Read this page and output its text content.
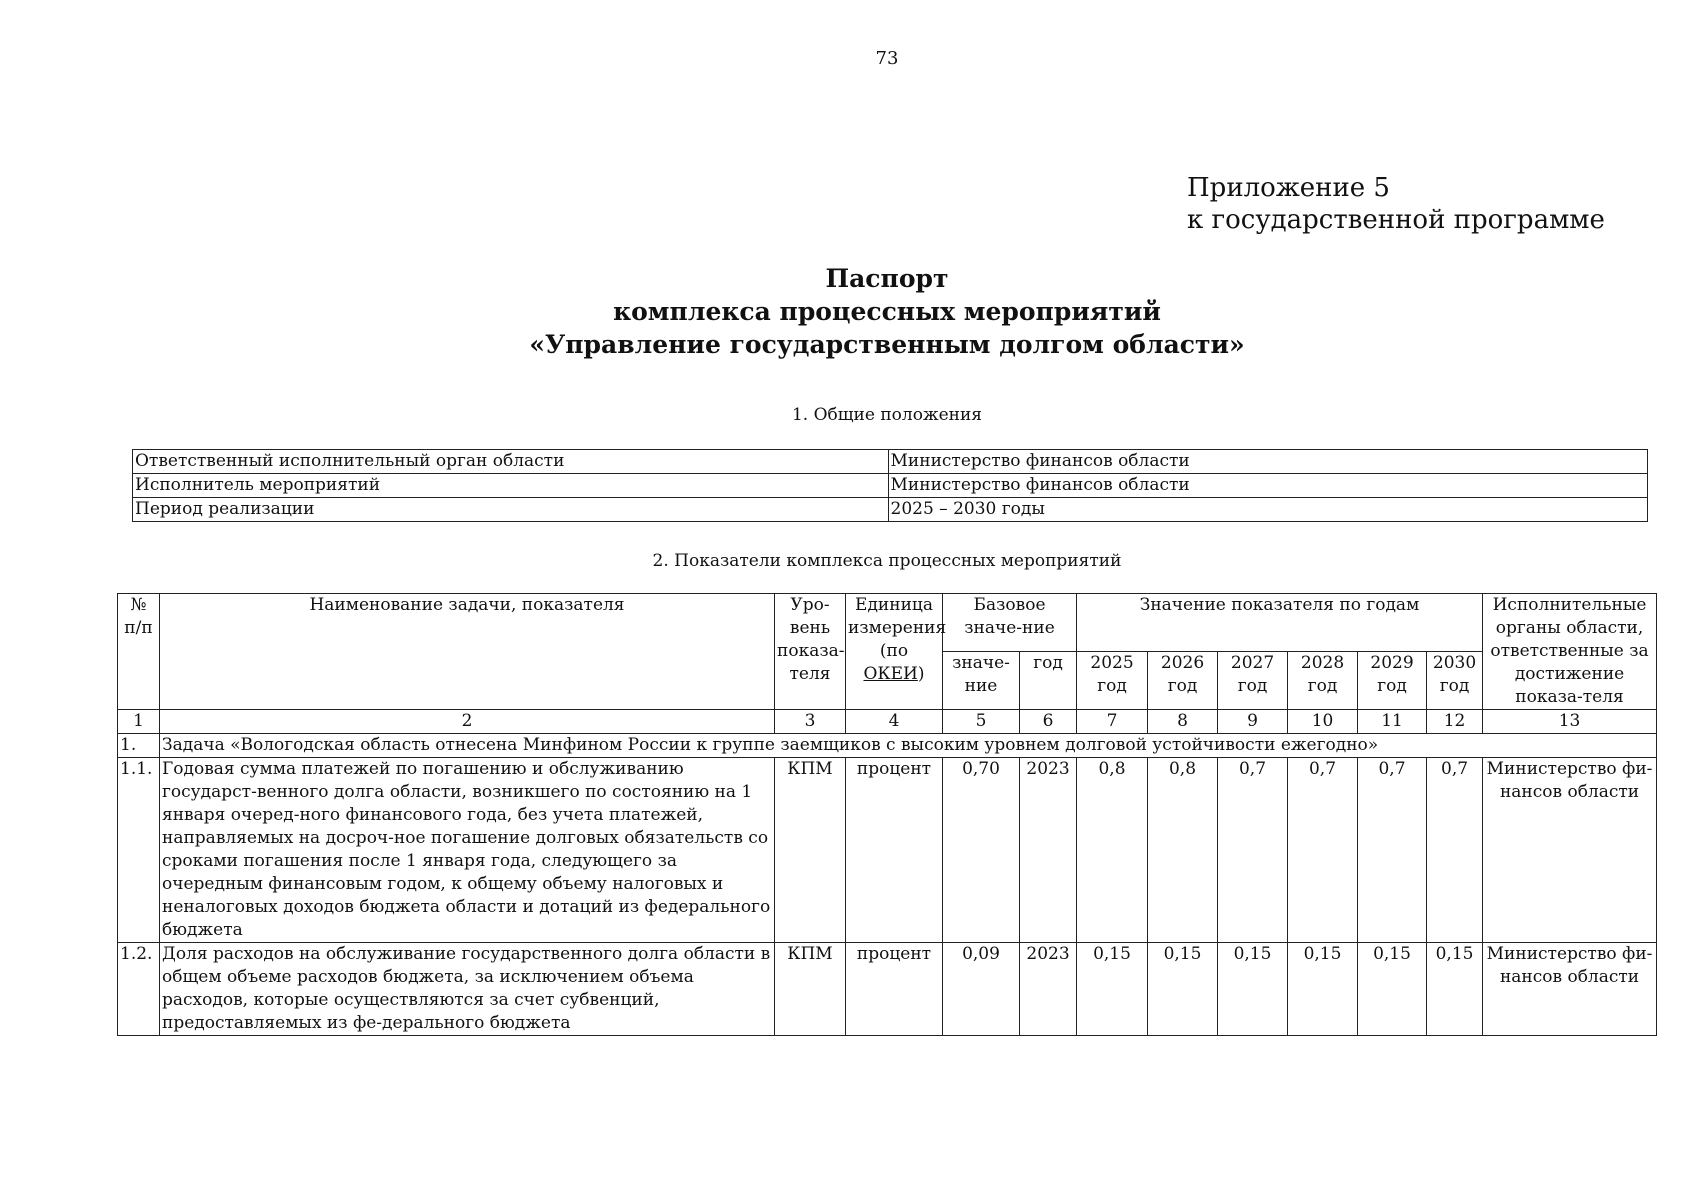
73
Приложение 5
к государственной программе
Паспорт
комплекса процессных мероприятий
«Управление государственным долгом области»
1. Общие положения
Ответственный исполнительный орган области	Министерство финансов области
Исполнитель мероприятий	Министерство финансов области
Период реализации	2025 – 2030 годы
2. Показатели комплекса процессных мероприятий
№ п/п	Наименование задачи, показателя	Уро-вень показа-теля	Единица измерения (по ОКЕИ)	Базовое значе-ние		Значение показателя по годам						Исполнительные органы области, ответственные за достижение показа-теля
				значе-ние	год	2025 год	2026 год	2027 год	2028 год	2029 год	2030 год	
1	2	3	4	5	6	7	8	9	10	11	12	13
1.	Задача «Вологодская область отнесена Минфином России к группе заемщиков с высоким уровнем долговой устойчивости ежегодно»											
1.1.	Годовая сумма платежей по погашению и обслуживанию государст-венного долга области, возникшего по состоянию на 1 января очеред-ного финансового года, без учета платежей, направляемых на досроч-ное погашение долговых обязательств со сроками погашения после 1 января года, следующего за очередным финансовым годом, к общему объему налоговых и неналоговых доходов бюджета области и дотаций из федерального бюджета	КПМ	процент	0,70	2023	0,8	0,8	0,7	0,7	0,7	0,7	Министерство фи-нансов области
1.2.	Доля расходов на обслуживание государственного долга области в общем объеме расходов бюджета, за исключением объема расходов, которые осуществляются за счет субвенций, предоставляемых из фе-дерального бюджета	КПМ	процент	0,09	2023	0,15	0,15	0,15	0,15	0,15	0,15	Министерство фи-нансов области
